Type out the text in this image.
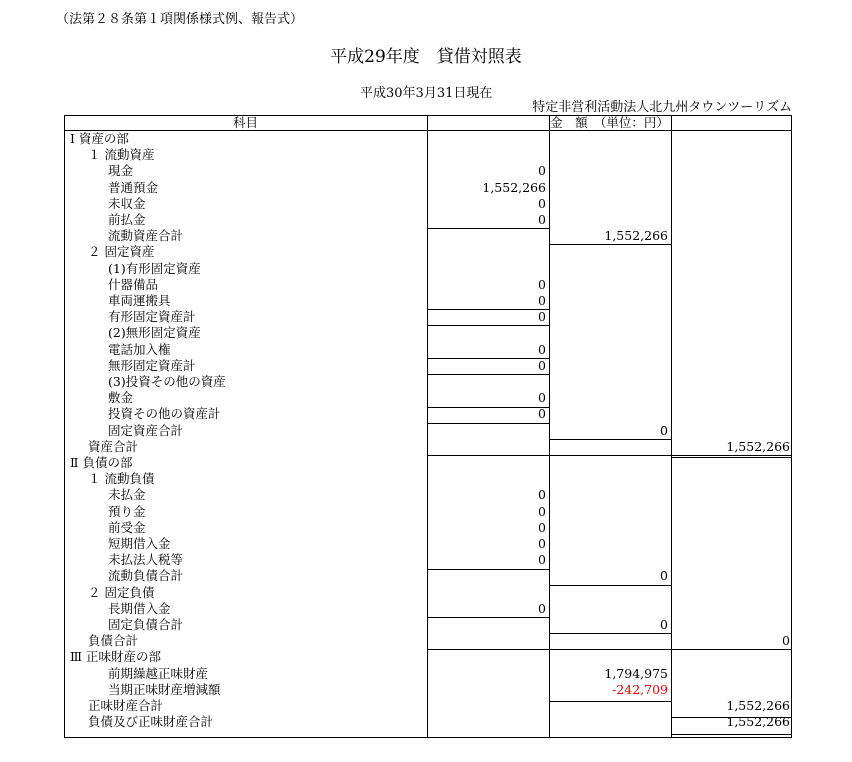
（法第２８条第１項関係様式例、報告式）
平成29年度　貸借対照表
平成30年3月31日現在
特定非営利活動法人北九州タウンツーリズム
科目	金　額　（単位：円）
Ⅰ 資産の部
１ 流動資産
現金	0
普通預金	1,552,266
未収金	0
前払金	0
流動資産合計	1,552,266
２ 固定資産
(1)有形固定資産
什器備品	0
車両運搬具	0
有形固定資産計	0
(2)無形固定資産
電話加入権	0
無形固定資産計	0
(3)投資その他の資産
敷金	0
投資その他の資産計	0
固定資産合計	0
資産合計	1,552,266
Ⅱ 負債の部
１ 流動負債
未払金	0
預り金	0
前受金	0
短期借入金	0
未払法人税等	0
流動負債合計	0
２ 固定負債
長期借入金	0
固定負債合計	0
負債合計	0
Ⅲ 正味財産の部
前期繰越正味財産	1,794,975
当期正味財産増減額	-242,709
正味財産合計	1,552,266
負債及び正味財産合計	1,552,266
